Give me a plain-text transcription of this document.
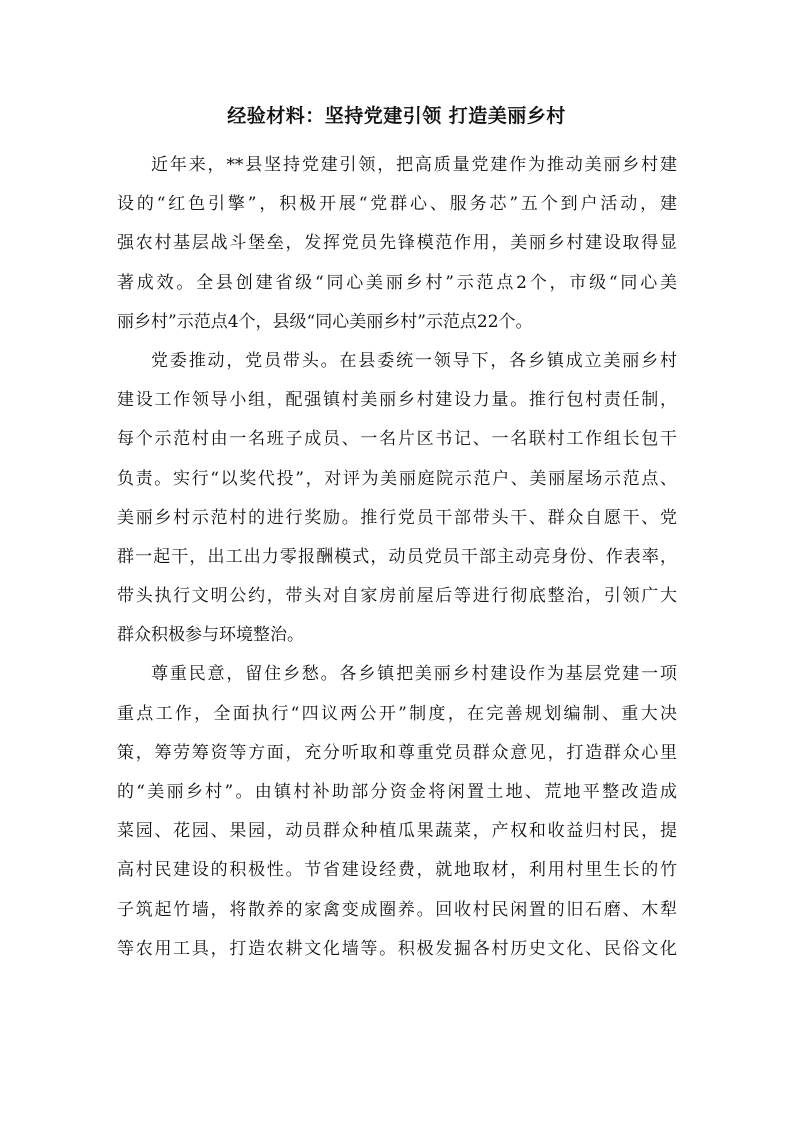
经验材料：坚持党建引领 打造美丽乡村
近年来，**县坚持党建引领，把高质量党建作为推动美丽乡村建
设的“红色引擎”，积极开展“党群心、服务芯”五个到户活动，建
强农村基层战斗堡垒，发挥党员先锋模范作用，美丽乡村建设取得显
著成效。全县创建省级“同心美丽乡村”示范点2个，市级“同心美
丽乡村”示范点4个，县级“同心美丽乡村”示范点22个。
党委推动，党员带头。在县委统一领导下，各乡镇成立美丽乡村
建设工作领导小组，配强镇村美丽乡村建设力量。推行包村责任制，
每个示范村由一名班子成员、一名片区书记、一名联村工作组长包干
负责。实行“以奖代投”，对评为美丽庭院示范户、美丽屋场示范点、
美丽乡村示范村的进行奖励。推行党员干部带头干、群众自愿干、党
群一起干，出工出力零报酬模式，动员党员干部主动亮身份、作表率，
带头执行文明公约，带头对自家房前屋后等进行彻底整治，引领广大
群众积极参与环境整治。
尊重民意，留住乡愁。各乡镇把美丽乡村建设作为基层党建一项
重点工作，全面执行“四议两公开”制度，在完善规划编制、重大决
策，筹劳筹资等方面，充分听取和尊重党员群众意见，打造群众心里
的“美丽乡村”。由镇村补助部分资金将闲置土地、荒地平整改造成
菜园、花园、果园，动员群众种植瓜果蔬菜，产权和收益归村民，提
高村民建设的积极性。节省建设经费，就地取材，利用村里生长的竹
子筑起竹墙，将散养的家禽变成圈养。回收村民闲置的旧石磨、木犁
等农用工具，打造农耕文化墙等。积极发掘各村历史文化、民俗文化
